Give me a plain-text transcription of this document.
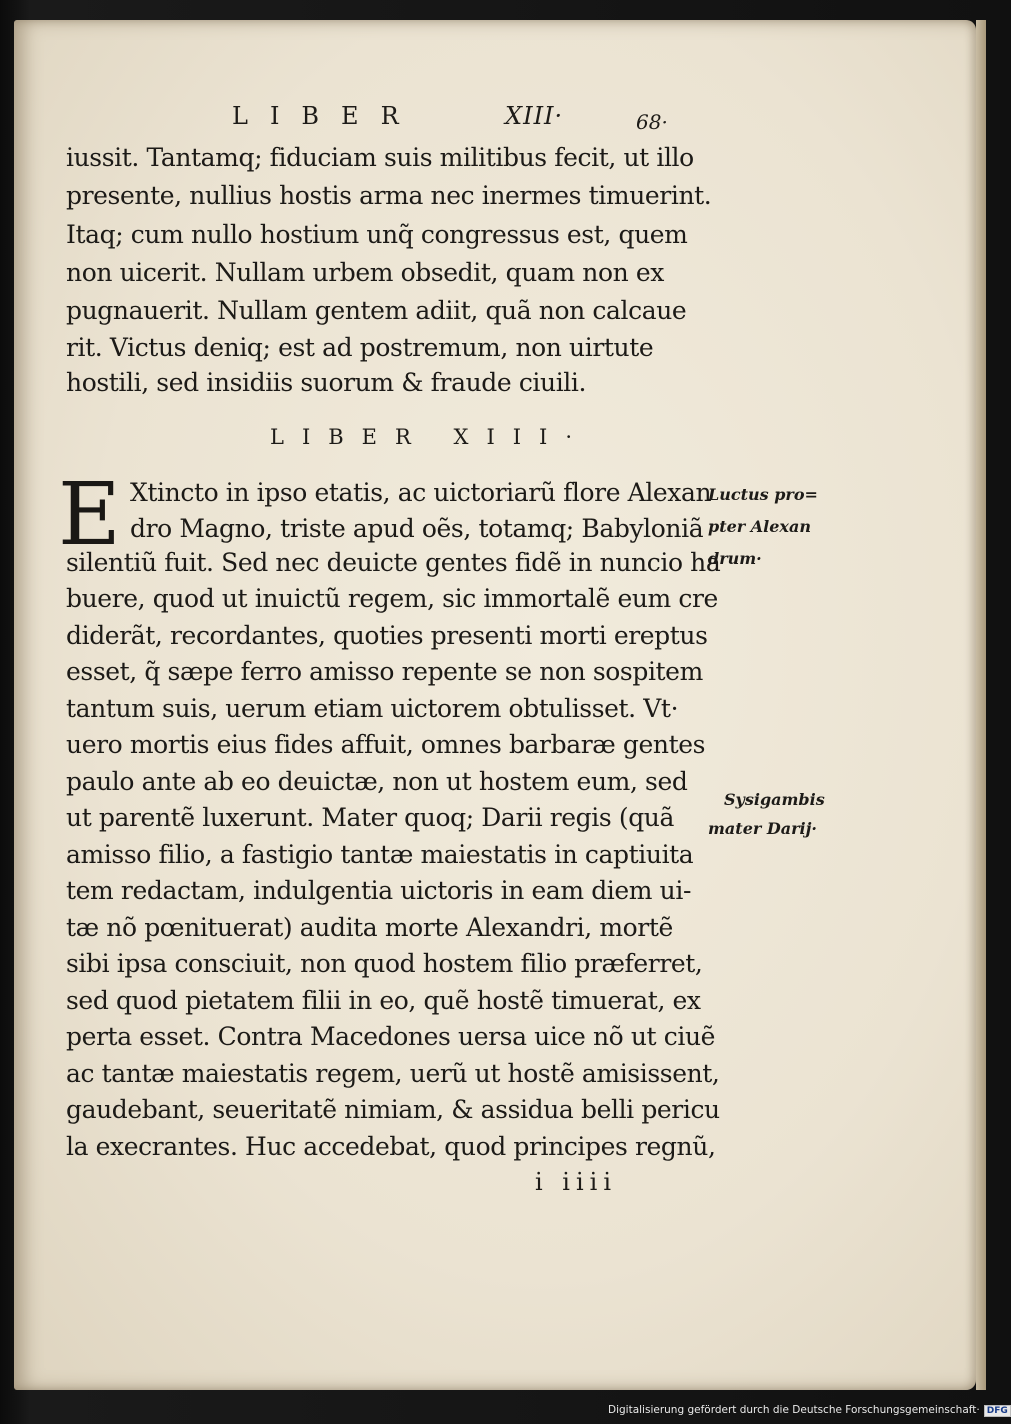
LIBER	XIII·	68·
iussit. Tantamq; fiduciam suis militibus fecit, ut illo
presente, nullius hostis arma nec inermes timuerint.
Itaq; cum nullo hostium unq̃ congressus est, quem
non uicerit. Nullam urbem obsedit, quam non ex
pugnauerit. Nullam gentem adiit, quã non calcaue
rit. Victus deniq; est ad postremum, non uirtute
hostili, sed insidiis suorum & fraude ciuili.
LIBER XIII·
E Xtincto in ipso etatis, ac uictoriarũ flore Alexan
dro Magno, triste apud oẽs, totamq; Babyloniã
silentiũ fuit. Sed nec deuicte gentes fidẽ in nuncio ha
buere, quod ut inuictũ regem, sic immortalẽ eum cre
diderãt, recordantes, quoties presenti morti ereptus
esset, q̃ sæpe ferro amisso repente se non sospitem
tantum suis, uerum etiam uictorem obtulisset. Vt·
uero mortis eius fides affuit, omnes barbaræ gentes
paulo ante ab eo deuictæ, non ut hostem eum, sed
ut parentẽ luxerunt. Mater quoq; Darii regis (quã
amisso filio, a fastigio tantæ maiestatis in captiuita
tem redactam, indulgentia uictoris in eam diem ui-
tæ nõ pœnituerat) audita morte Alexandri, mortẽ
sibi ipsa consciuit, non quod hostem filio præferret,
sed quod pietatem filii in eo, quẽ hostẽ timuerat, ex
perta esset. Contra Macedones uersa uice nõ ut ciuẽ
ac tantæ maiestatis regem, uerũ ut hostẽ amisissent,
gaudebant, seueritatẽ nimiam, & assidua belli pericu
la execrantes. Huc accedebat, quod principes regnũ,
Luctus pro=
pter Alexan
drum·
Sysigambis
mater Darij·
i iiii
Digitalisierung gefördert durch die Deutsche Forschungsgemeinschaft· DFG
